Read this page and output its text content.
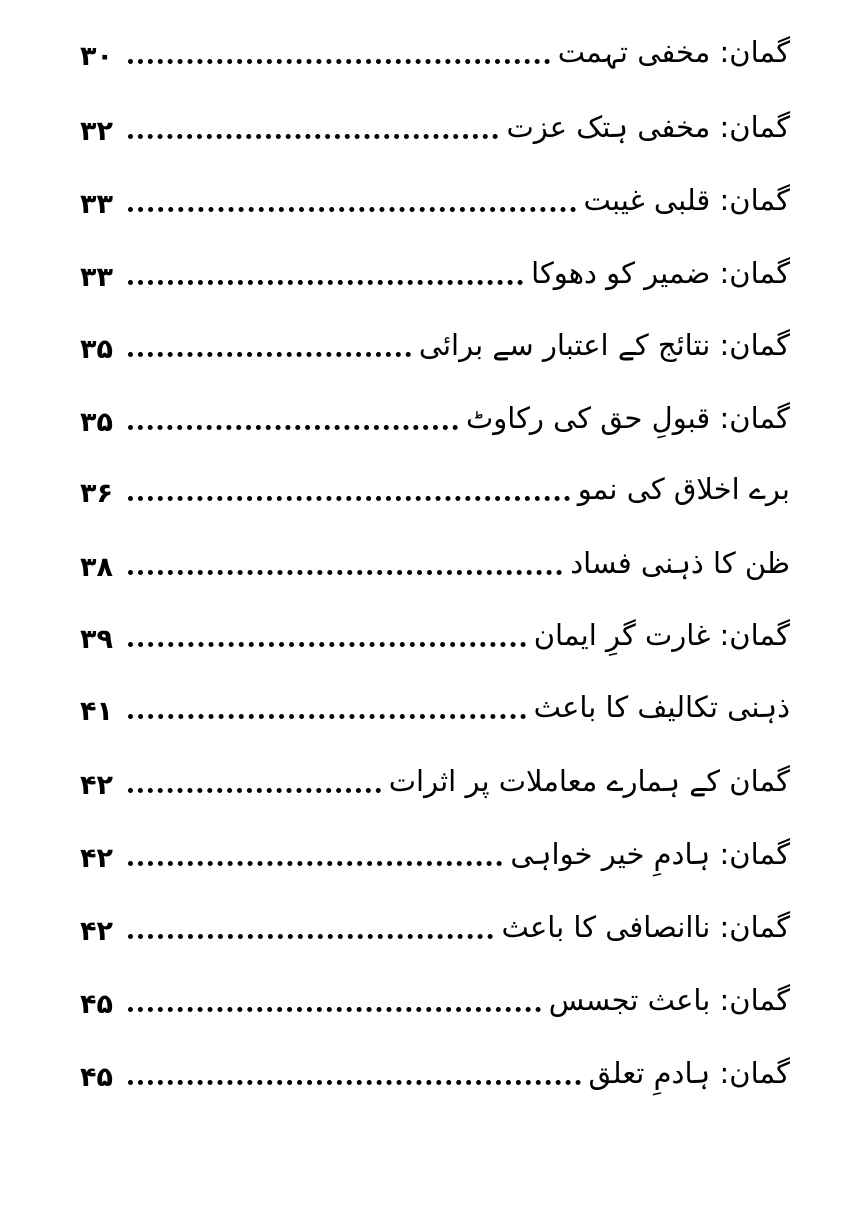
۳۰	گمان: مخفی تہمت
۳۲	گمان: مخفی ہتک عزت
۳۳	گمان: قلبی غیبت
۳۳	گمان: ضمیر کو دھوکا
۳۵	گمان: نتائج کے اعتبار سے برائی
۳۵	گمان: قبولِ حق کی رکاوٹ
۳۶	برے اخلاق کی نمو
۳۸	ظن کا ذہنی فساد
۳۹	گمان: غارت گرِ ایمان
۴۱	ذہنی تکالیف کا باعث
۴۲	گمان کے ہمارے معاملات پر اثرات
۴۲	گمان: ہادمِ خیر خواہی
۴۲	گمان: ناانصافی کا باعث
۴۵	گمان: باعث تجسس
۴۵	گمان: ہادمِ تعلق
